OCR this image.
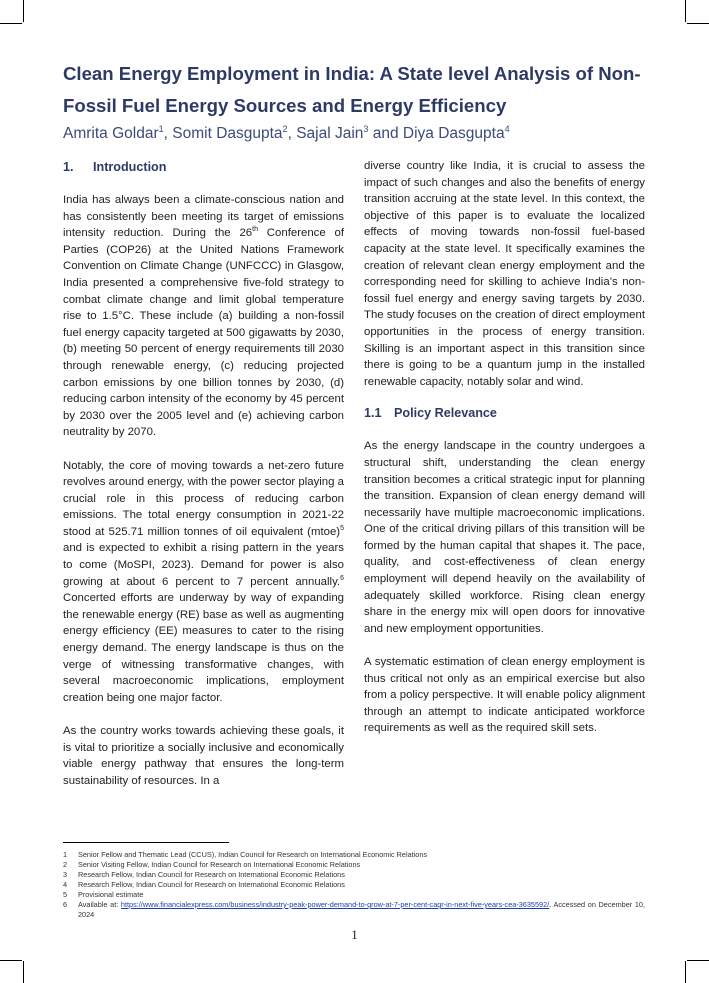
Clean Energy Employment in India: A State level Analysis of Non-Fossil Fuel Energy Sources and Energy Efficiency

Amrita Goldar$^1$, Somit Dasgupta$^2$, Sajal Jain$^3$ and Diya Dasgupta$^4$

1. Introduction

India has always been a climate-conscious nation and has consistently been meeting its target of emissions intensity reduction. During the 26th Conference of Parties (COP26) at the United Nations Framework Convention on Climate Change (UNFCCC) in Glasgow, India presented a comprehensive five-fold strategy to combat climate change and limit global temperature rise to 1.5°C. These include (a) building a non-fossil fuel energy capacity targeted at 500 gigawatts by 2030, (b) meeting 50 percent of energy requirements till 2030 through renewable energy, (c) reducing projected carbon emissions by one billion tonnes by 2030, (d) reducing carbon intensity of the economy by 45 percent by 2030 over the 2005 level and (e) achieving carbon neutrality by 2070.

Notably, the core of moving towards a net-zero future revolves around energy, with the power sector playing a crucial role in this process of reducing carbon emissions. The total energy consumption in 2021-22 stood at 525.71 million tonnes of oil equivalent (mtoe)$^5$ and is expected to exhibit a rising pattern in the years to come (MoSPI, 2023). Demand for power is also growing at about 6 percent to 7 percent annually.$^6$ Concerted efforts are underway by way of expanding the renewable energy (RE) base as well as augmenting energy efficiency (EE) measures to cater to the rising energy demand. The energy landscape is thus on the verge of witnessing transformative changes, with several macroeconomic implications, employment creation being one major factor.

As the country works towards achieving these goals, it is vital to prioritize a socially inclusive and economically viable energy pathway that ensures the long-term sustainability of resources. In a

diverse country like India, it is crucial to assess the impact of such changes and also the benefits of energy transition accruing at the state level. In this context, the objective of this paper is to evaluate the localized effects of moving towards non-fossil fuel-based capacity at the state level. It specifically examines the creation of relevant clean energy employment and the corresponding need for skilling to achieve India’s non-fossil fuel energy and energy saving targets by 2030. The study focuses on the creation of direct employment opportunities in the process of energy transition. Skilling is an important aspect in this transition since there is going to be a quantum jump in the installed renewable capacity, notably solar and wind.

1.1 Policy Relevance

As the energy landscape in the country undergoes a structural shift, understanding the clean energy transition becomes a critical strategic input for planning the transition. Expansion of clean energy demand will necessarily have multiple macroeconomic implications. One of the critical driving pillars of this transition will be formed by the human capital that shapes it. The pace, quality, and cost-effectiveness of clean energy employment will depend heavily on the availability of adequately skilled workforce. Rising clean energy share in the energy mix will open doors for innovative and new employment opportunities.

A systematic estimation of clean energy employment is thus critical not only as an empirical exercise but also from a policy perspective. It will enable policy alignment through an attempt to indicate anticipated workforce requirements as well as the required skill sets.

1	Senior Fellow and Thematic Lead (CCUS), Indian Council for Research on International Economic Relations
2	Senior Visiting Fellow, Indian Council for Research on International Economic Relations
3	Research Fellow, Indian Council for Research on International Economic Relations
4	Research Fellow, Indian Council for Research on International Economic Relations
5	Provisional estimate
6	Available at: https://www.financialexpress.com/business/industry-peak-power-demand-to-grow-at-7-per-cent-cagr-in-next-five-years-cea-3635592/. Accessed on December 10, 2024
1
